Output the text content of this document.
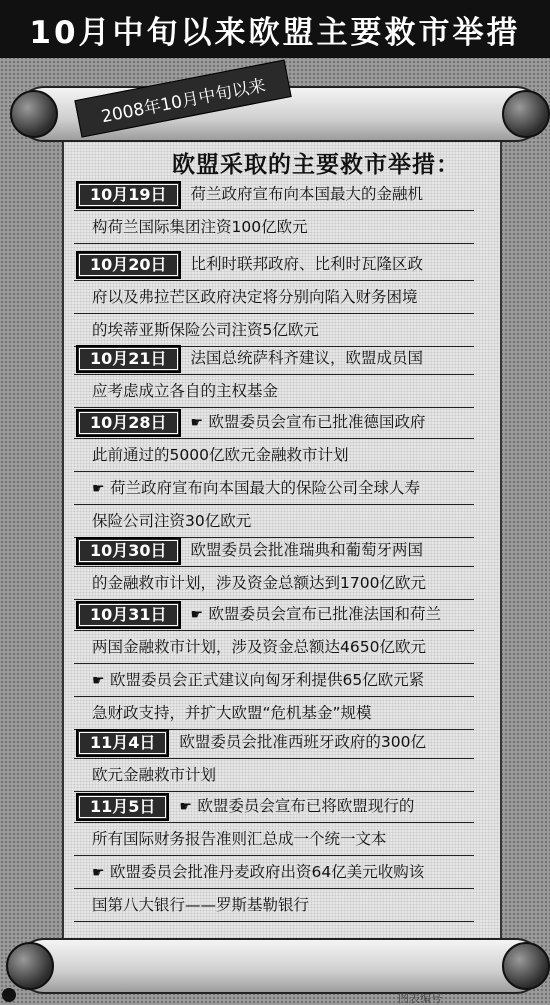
10月中旬以来欧盟主要救市举措
2008年10月中旬以来
欧盟采取的主要救市举措：
10月19日 荷兰政府宣布向本国最大的金融机
构荷兰国际集团注资100亿欧元
10月20日 比利时联邦政府、比利时瓦隆区政
府以及弗拉芒区政府决定将分别向陷入财务困境
的埃蒂亚斯保险公司注资5亿欧元
10月21日 法国总统萨科齐建议，欧盟成员国
应考虑成立各自的主权基金
10月28日 ☛ 欧盟委员会宣布已批准德国政府
此前通过的5000亿欧元金融救市计划
☛ 荷兰政府宣布向本国最大的保险公司全球人寿
保险公司注资30亿欧元
10月30日 欧盟委员会批准瑞典和葡萄牙两国
的金融救市计划，涉及资金总额达到1700亿欧元
10月31日 ☛ 欧盟委员会宣布已批准法国和荷兰
两国金融救市计划，涉及资金总额达4650亿欧元
☛ 欧盟委员会正式建议向匈牙利提供65亿欧元紧
急财政支持，并扩大欧盟“危机基金”规模
11月4日 欧盟委员会批准西班牙政府的300亿
欧元金融救市计划
11月5日 ☛ 欧盟委员会宣布已将欧盟现行的
所有国际财务报告准则汇总成一个统一文本
☛ 欧盟委员会批准丹麦政府出资64亿美元收购该
国第八大银行——罗斯基勒银行
图表编号
